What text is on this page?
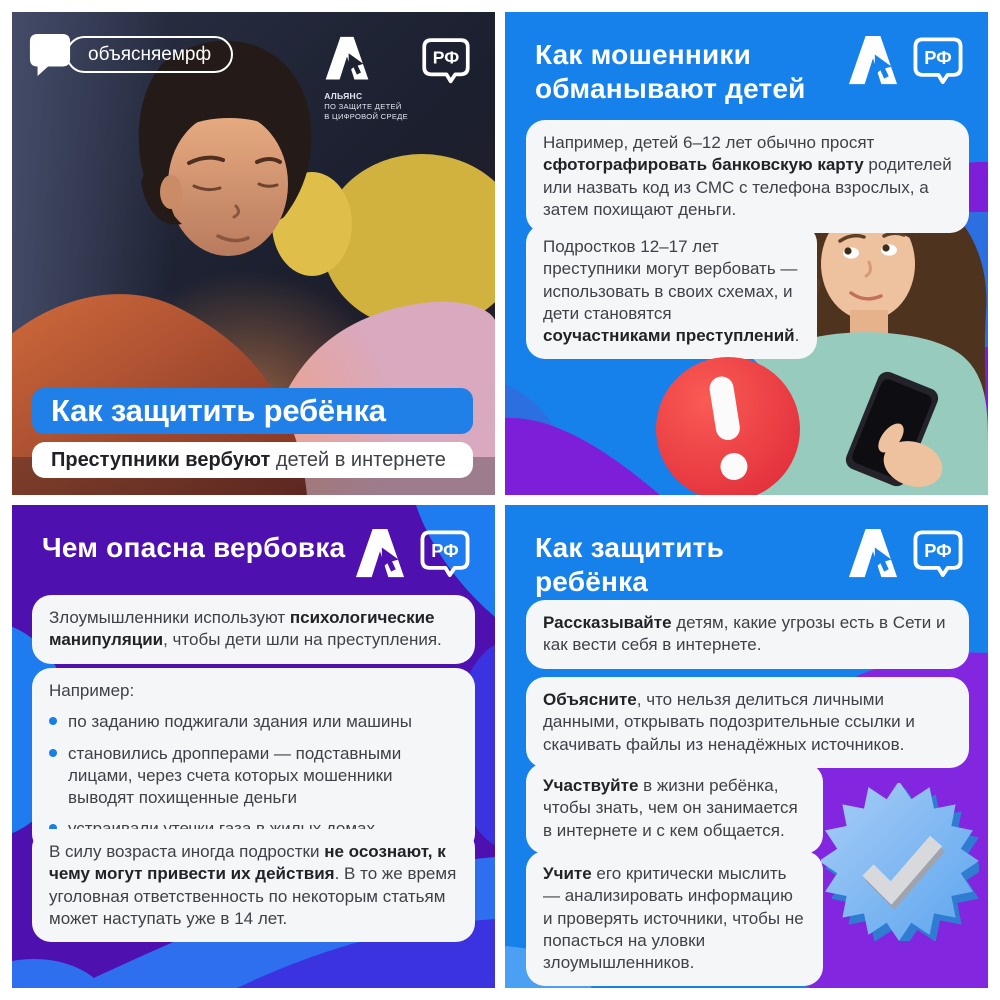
объясняемрф
АЛЬЯНС
ПО ЗАЩИТЕ ДЕТЕЙ
В ЦИФРОВОЙ СРЕДЕ
РФ
Как защитить ребёнка
Преступники вербуют детей в интернете
Как мошенники
обманывают детей
РФ
Например, детей 6–12 лет обычно просят сфотографировать банковскую карту родителей или назвать код из СМС с телефона взрослых, а затем похищают деньги.
Подростков 12–17 лет преступники могут вербовать — использовать в своих схемах, и дети становятся соучастниками преступлений.
Чем опасна вербовка	РФ
Злоумышленники используют психологические манипуляции, чтобы дети шли на преступления.
Например:
по заданию поджигали здания или машины
становились дропперами — подставными лицами, через счета которых мошенники выводят похищенные деньги
В силу возраста иногда подростки не осознают, к чему могут привести их действия. В то же время уголовная ответственность по некоторым статьям может наступать уже в 14 лет.
Как защитить
ребёнка
РФ
Рассказывайте детям, какие угрозы есть в Сети и как вести себя в интернете.
Объясните, что нельзя делиться личными данными, открывать подозрительные ссылки и скачивать файлы из ненадёжных источников.
Участвуйте в жизни ребёнка, чтобы знать, чем он занимается в интернете и с кем общается.
Учите его критически мыслить — анализировать информацию и проверять источники, чтобы не попасться на уловки злоумышленников.
